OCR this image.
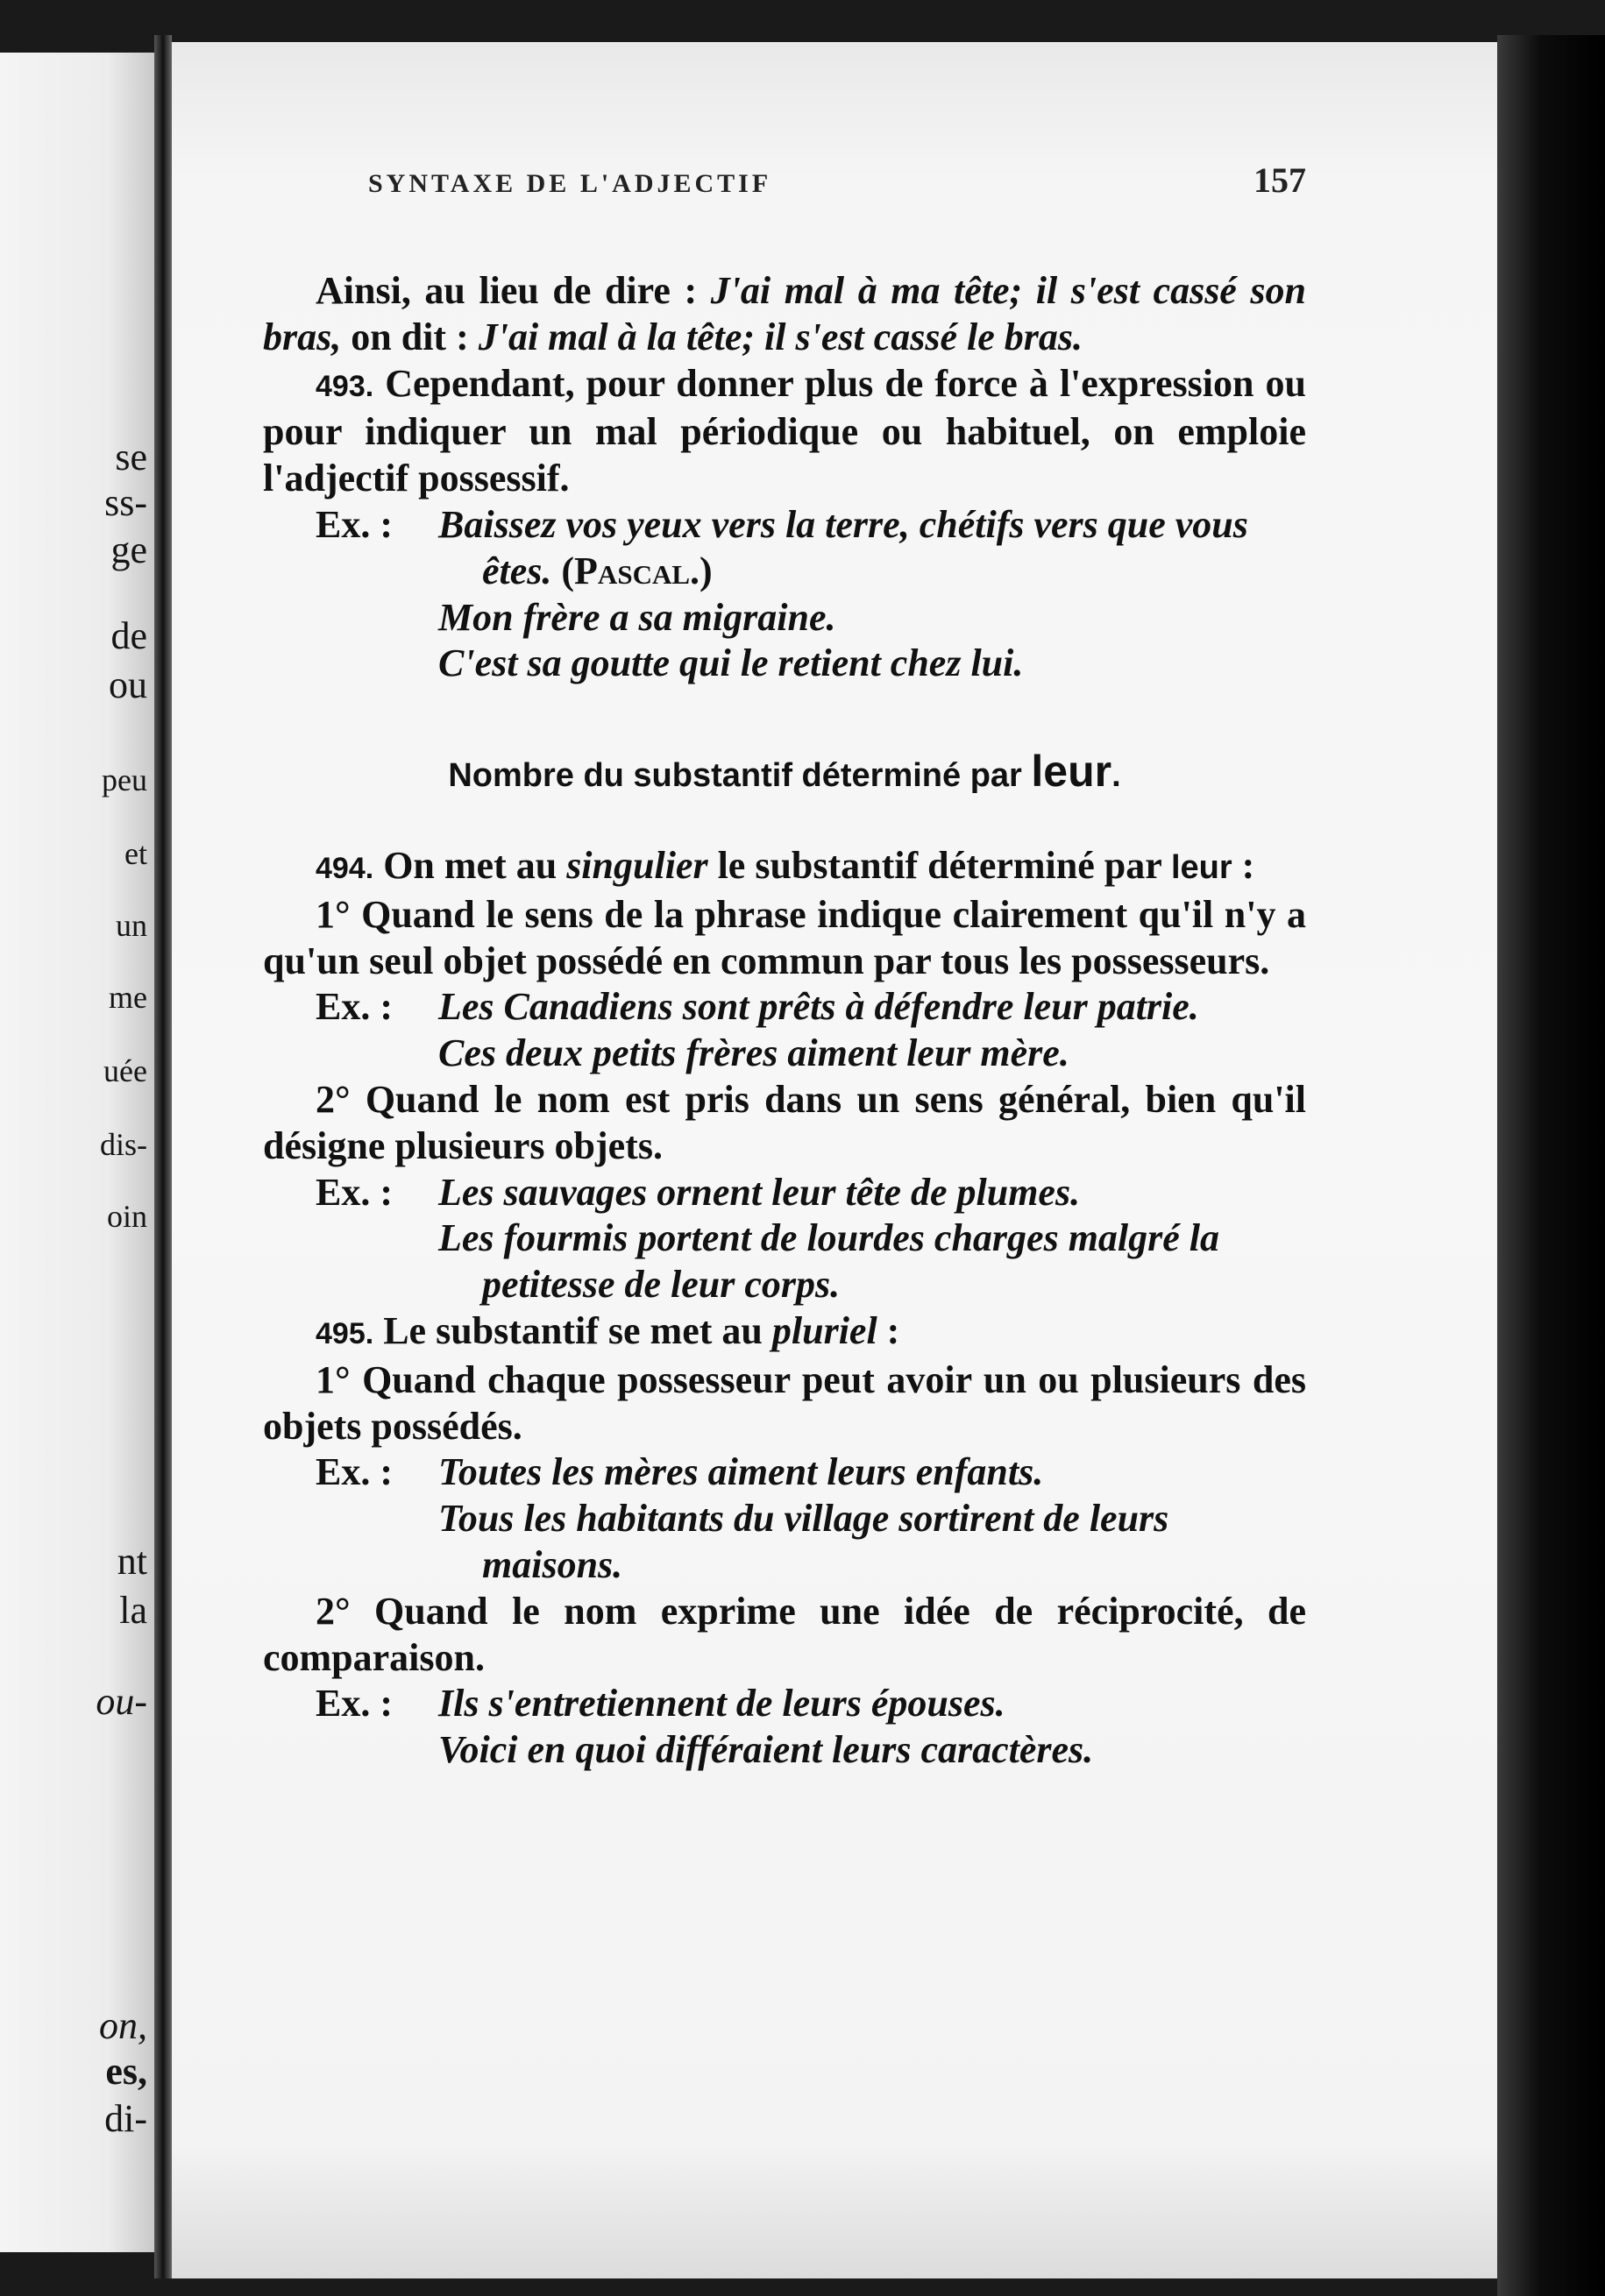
se
ss-
ge
de
ou
peu
et
un
me
uée
dis-
oin
nt
la
ou-
on,
es,
di-
SYNTAXE DE L'ADJECTIF	157

Ainsi, au lieu de dire : J'ai mal à ma tête; il s'est cassé son bras, on dit : J'ai mal à la tête; il s'est cassé le bras.

493. Cependant, pour donner plus de force à l'expression ou pour indiquer un mal périodique ou habituel, on emploie l'adjectif possessif.

Ex. :	Baissez vos yeux vers la terre, chétifs vers que vous êtes. (Pascal.)

Mon frère a sa migraine.

C'est sa goutte qui le retient chez lui.

Nombre du substantif déterminé par leur.

494. On met au singulier le substantif déterminé par leur :

1° Quand le sens de la phrase indique clairement qu'il n'y a qu'un seul objet possédé en commun par tous les possesseurs.

Ex. :	Les Canadiens sont prêts à défendre leur patrie.

Ces deux petits frères aiment leur mère.

2° Quand le nom est pris dans un sens général, bien qu'il désigne plusieurs objets.

Ex. :	Les sauvages ornent leur tête de plumes.

Les fourmis portent de lourdes charges malgré la petitesse de leur corps.

495. Le substantif se met au pluriel :

1° Quand chaque possesseur peut avoir un ou plusieurs des objets possédés.

Ex. :	Toutes les mères aiment leurs enfants.

Tous les habitants du village sortirent de leurs maisons.

2° Quand le nom exprime une idée de réciprocité, de comparaison.

Ex. :	Ils s'entretiennent de leurs épouses.

Voici en quoi différaient leurs caractères.
